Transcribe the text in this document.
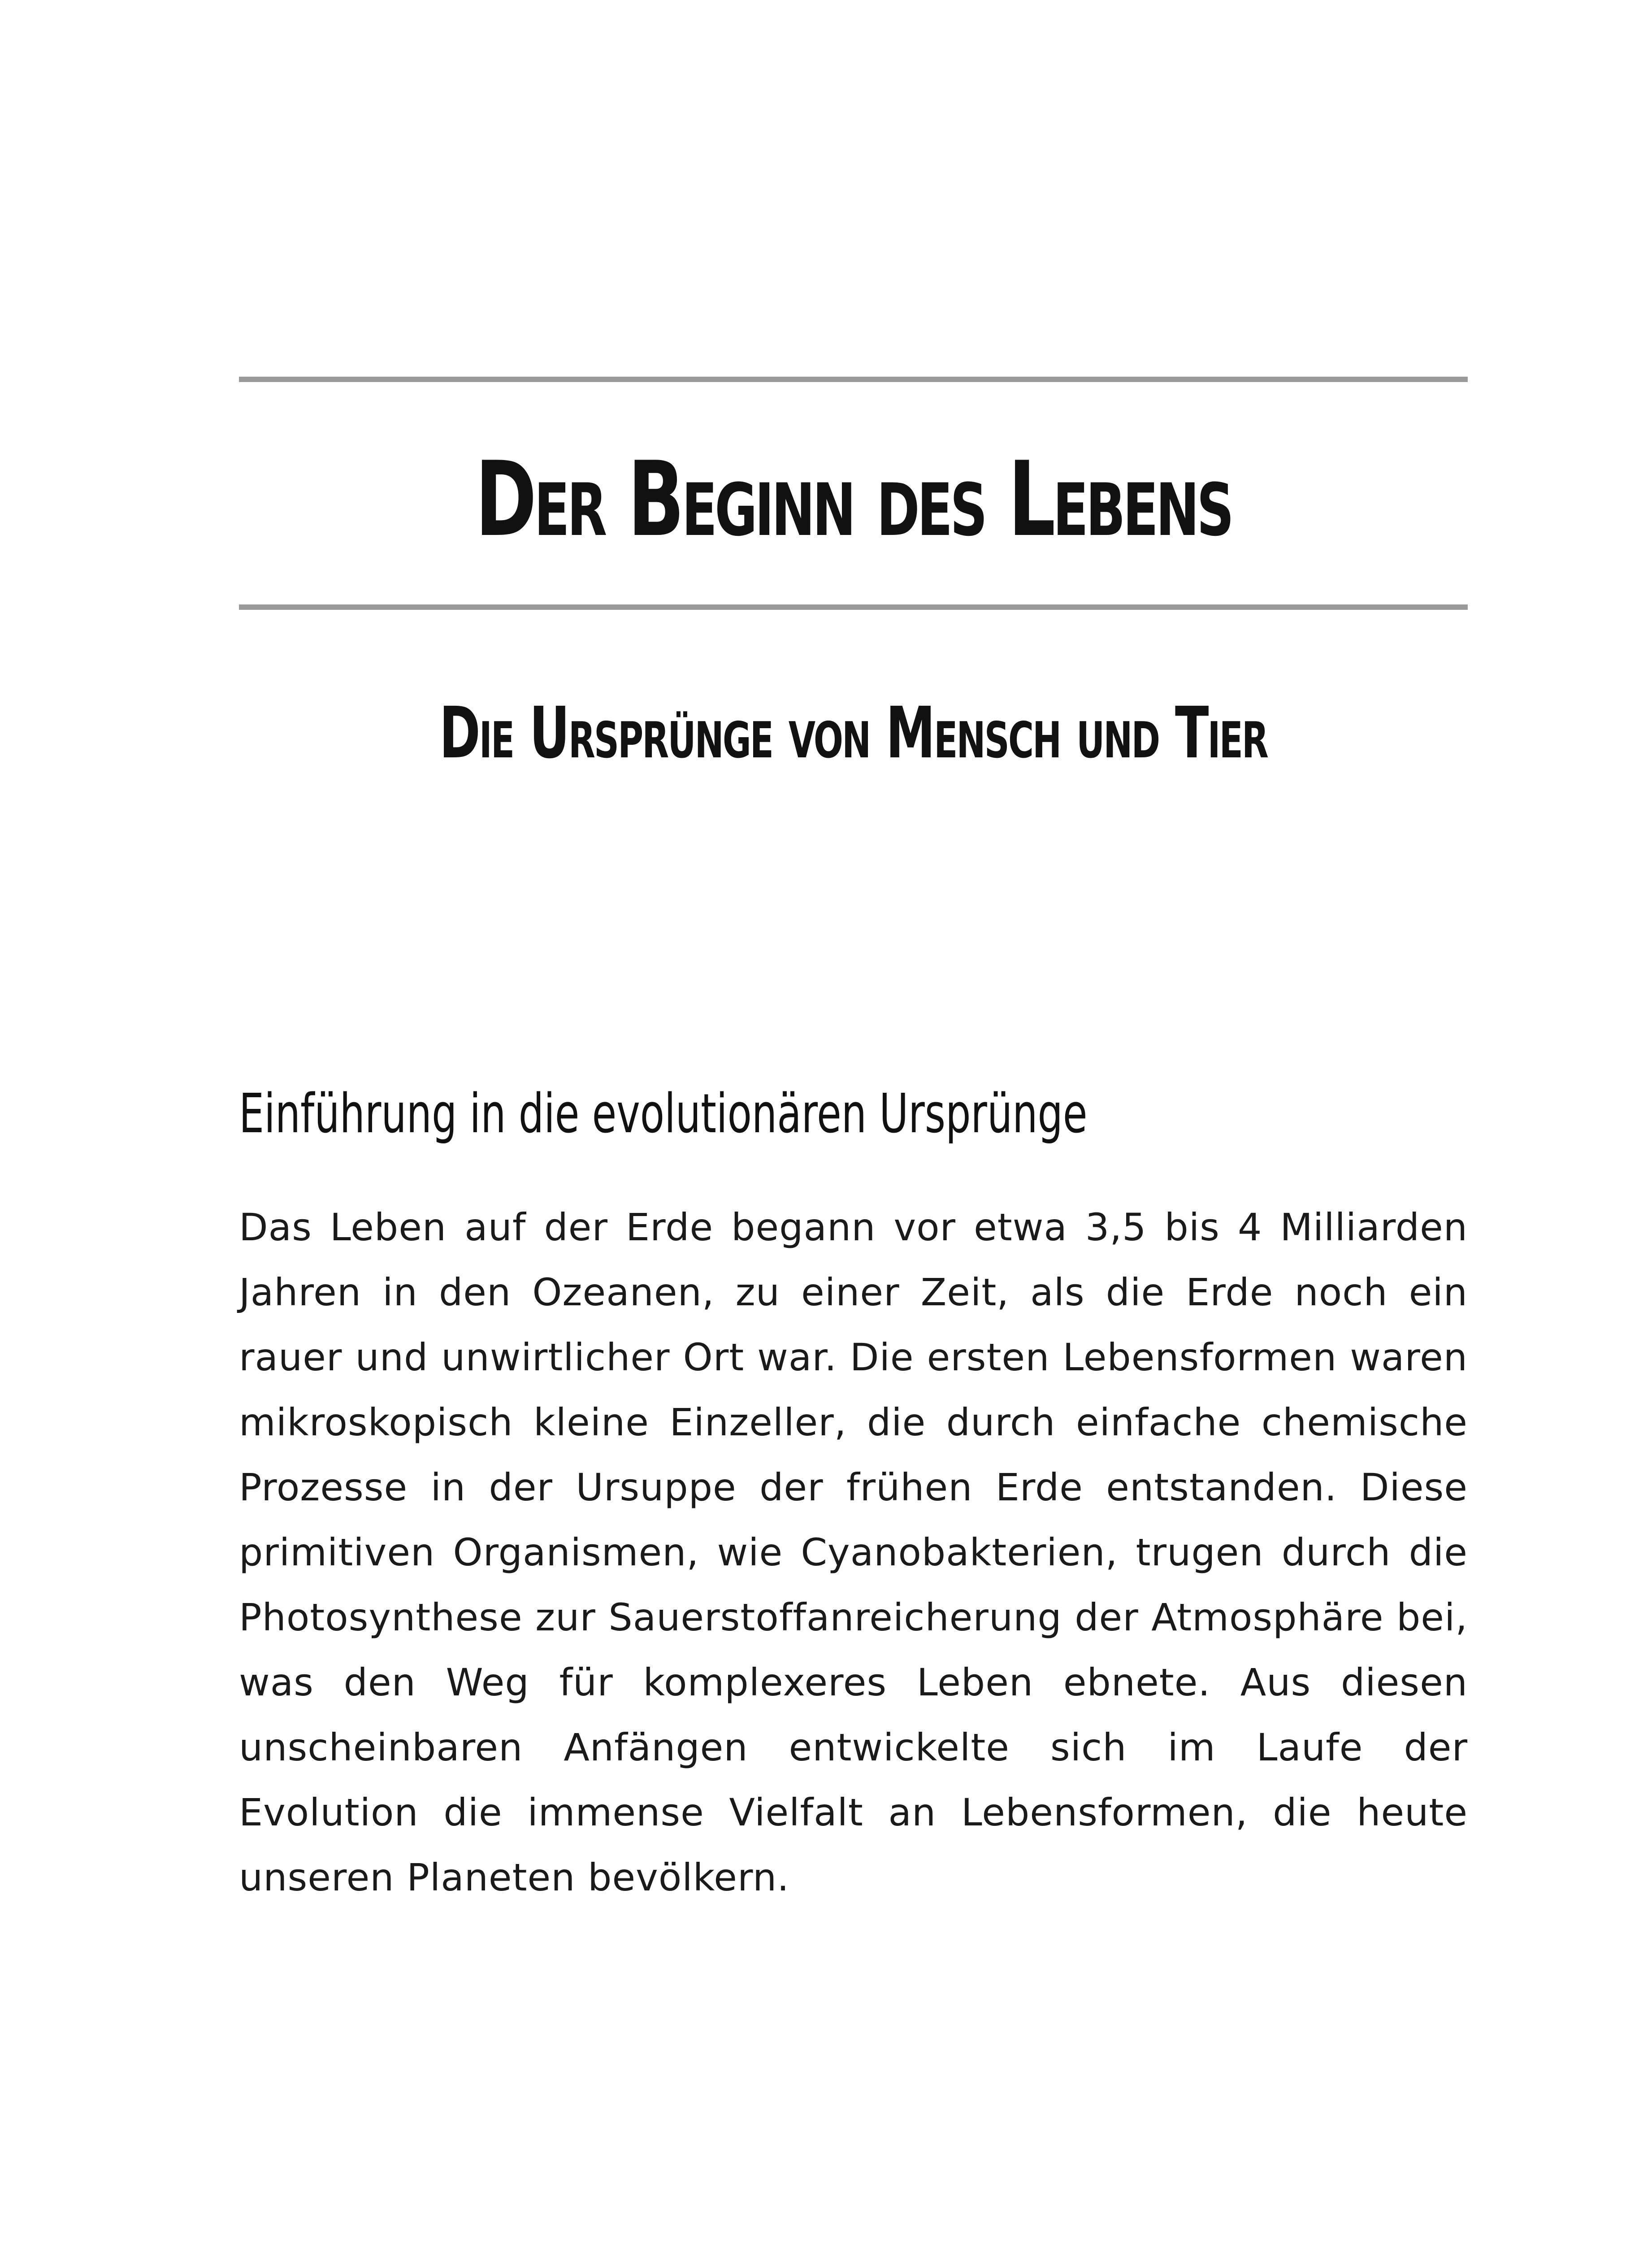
Der Beginn des Lebens
Die Ursprünge von Mensch und Tier
Einführung in die evolutionären Ursprünge

Das Leben auf der Erde begann vor etwa 3,5 bis 4 Milliarden Jahren in den Ozeanen, zu einer Zeit, als die Erde noch ein rauer und unwirtlicher Ort war. Die ersten Lebensformen waren mikroskopisch kleine Einzeller, die durch einfache chemische Prozesse in der Ursuppe der frühen Erde entstanden. Diese primitiven Organismen, wie Cyanobakterien, trugen durch die Photosynthese zur Sauerstoffanreicherung der Atmosphäre bei, was den Weg für komplexeres Leben ebnete. Aus diesen unscheinbaren Anfängen entwickelte sich im Laufe der Evolution die immense Vielfalt an Lebensformen, die heute unseren Planeten bevölkern.
